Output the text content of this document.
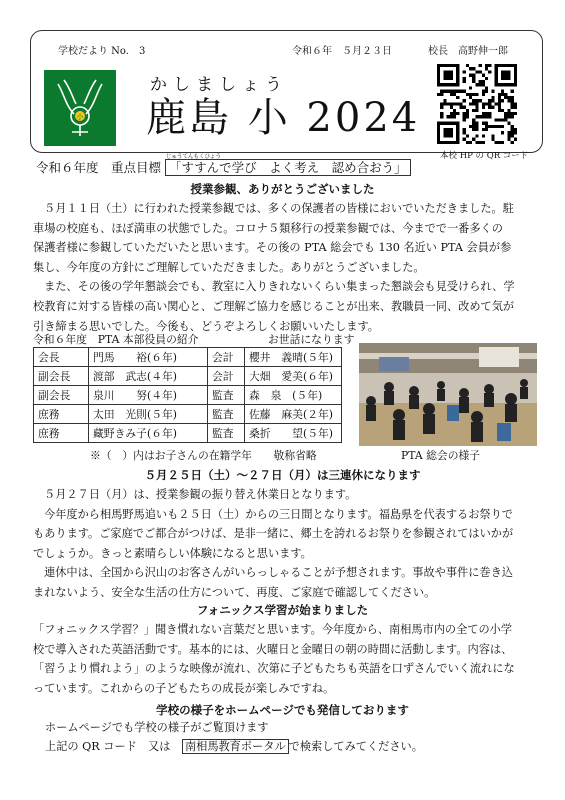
学校だより No.　3	令和６年　５月２３日	校長　高野伸一郎
小
かしましょう
鹿島 小 2024
本校 HP の QR コード
令和６年度　重点目標 「すすんで学び　よく考え　認め合おう」
じゅうてんもくひょう
授業参観、ありがとうございました
５月１１日（土）に行われた授業参観では、多くの保護者の皆様においでいただきました。駐
車場の校庭も、ほぼ満車の状態でした。コロナ５類移行の授業参観では、今までで一番多くの
保護者様に参観していただいたと思います。その後の PTA 総会でも 130 名近い PTA 会員が参
集し、今年度の方針にご理解していただきました。ありがとうございました。
また、その後の学年懇談会でも、教室に入りきれないくらい集まった懇談会も見受けられ、学
校教育に対する皆様の高い関心と、ご理解ご協力を感じることが出来、教職員一同、改めて気が
引き締まる思いでした。今後も、どうぞよろしくお願いいたします。
令和６年度　PTA 本部役員の紹介	お世話になります
会長	門馬　　裕(６年)	会計	櫻井　義晴(５年)
副会長	渡部　武志(４年)	会計	大畑　愛美(６年)
副会長	泉川　　努(４年)	監査	森　泉　(５年)
庶務	太田　光則(５年)	監査	佐藤　麻美(２年)
庶務	藏野きみ子(６年)	監査	桑折　　望(５年)
※（　）内はお子さんの在籍学年　　敬称省略	PTA 総会の様子
５月２５日（土）～２７日（月）は三連休になります
５月２７日（月）は、授業参観の振り替え休業日となります。
今年度から相馬野馬追いも２５日（土）からの三日間となります。福島県を代表するお祭りで
もあります。ご家庭でご都合がつけば、是非一緒に、郷土を誇れるお祭りを参観されてはいかが
でしょうか。きっと素晴らしい体験になると思います。
連休中は、全国から沢山のお客さんがいらっしゃることが予想されます。事故や事件に巻き込
まれないよう、安全な生活の仕方について、再度、ご家庭で確認してください。
フォニックス学習が始まりました
「フォニックス学習？」聞き慣れない言葉だと思います。今年度から、南相馬市内の全ての小学
校で導入された英語活動です。基本的には、火曜日と金曜日の朝の時間に活動します。内容は、
「習うより慣れよう」のような映像が流れ、次第に子どもたちも英語を口ずさんでいく流れにな
っています。これからの子どもたちの成長が楽しみですね。
学校の様子をホームページでも発信しております
ホームページでも学校の様子がご覧頂けます
上記の QR コード　又は 南相馬教育ポータル で検索してみてください。
